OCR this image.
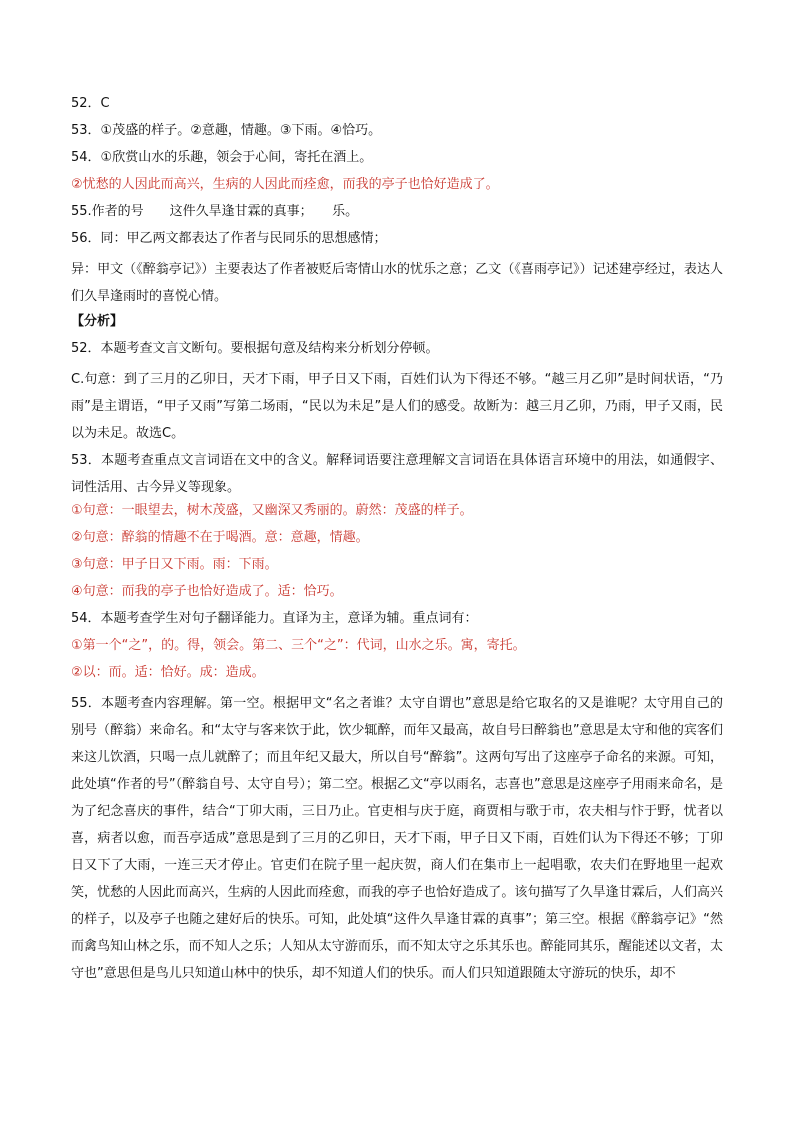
52．C
53．①茂盛的样子。②意趣，情趣。③下雨。④恰巧。
54．①欣赏山水的乐趣，领会于心间，寄托在酒上。
②忧愁的人因此而高兴，生病的人因此而痊愈，而我的亭子也恰好造成了。
55.作者的号　　这件久旱逢甘霖的真事；　　乐。
56．同：甲乙两文都表达了作者与民同乐的思想感情；
异：甲文（《醉翁亭记》）主要表达了作者被贬后寄情山水的忧乐之意；乙文（《喜雨亭记》）记述建亭经过，表达人们久旱逢雨时的喜悦心情。
【分析】
52．本题考查文言文断句。要根据句意及结构来分析划分停顿。
C.句意：到了三月的乙卯日，天才下雨，甲子日又下雨，百姓们认为下得还不够。“越三月乙卯”是时间状语，“乃雨”是主谓语，“甲子又雨”写第二场雨，“民以为未足”是人们的感受。故断为：越三月乙卯，乃雨，甲子又雨，民以为未足。故选C。
53．本题考查重点文言词语在文中的含义。解释词语要注意理解文言词语在具体语言环境中的用法，如通假字、词性活用、古今异义等现象。
①句意：一眼望去，树木茂盛，又幽深又秀丽的。蔚然：茂盛的样子。
②句意：醉翁的情趣不在于喝酒。意：意趣，情趣。
③句意：甲子日又下雨。雨：下雨。
④句意：而我的亭子也恰好造成了。适：恰巧。
54．本题考查学生对句子翻译能力。直译为主，意译为辅。重点词有：
①第一个“之”，的。得，领会。第二、三个“之”：代词，山水之乐。寓，寄托。
②以：而。适：恰好。成：造成。
55．本题考查内容理解。第一空。根据甲文“名之者谁？太守自谓也”意思是给它取名的又是谁呢？太守用自己的别号（醉翁）来命名。和“太守与客来饮于此，饮少辄醉，而年又最高，故自号曰醉翁也”意思是太守和他的宾客们来这儿饮酒，只喝一点儿就醉了；而且年纪又最大，所以自号“醉翁”。这两句写出了这座亭子命名的来源。可知，此处填“作者的号”（醉翁自号、太守自号）；第二空。根据乙文“亭以雨名，志喜也”意思是这座亭子用雨来命名，是为了纪念喜庆的事件，结合“丁卯大雨，三日乃止。官吏相与庆于庭，商贾相与歌于市，农夫相与忭于野，忧者以喜，病者以愈，而吾亭适成”意思是到了三月的乙卯日，天才下雨，甲子日又下雨，百姓们认为下得还不够；丁卯日又下了大雨，一连三天才停止。官吏们在院子里一起庆贺，商人们在集市上一起唱歌，农夫们在野地里一起欢笑，忧愁的人因此而高兴，生病的人因此而痊愈，而我的亭子也恰好造成了。该句描写了久旱逢甘霖后，人们高兴的样子，以及亭子也随之建好后的快乐。可知，此处填“这件久旱逢甘霖的真事”；第三空。根据《醉翁亭记》“然而禽鸟知山林之乐，而不知人之乐；人知从太守游而乐，而不知太守之乐其乐也。醉能同其乐，醒能述以文者，太守也”意思但是鸟儿只知道山林中的快乐，却不知道人们的快乐。而人们只知道跟随太守游玩的快乐，却不
